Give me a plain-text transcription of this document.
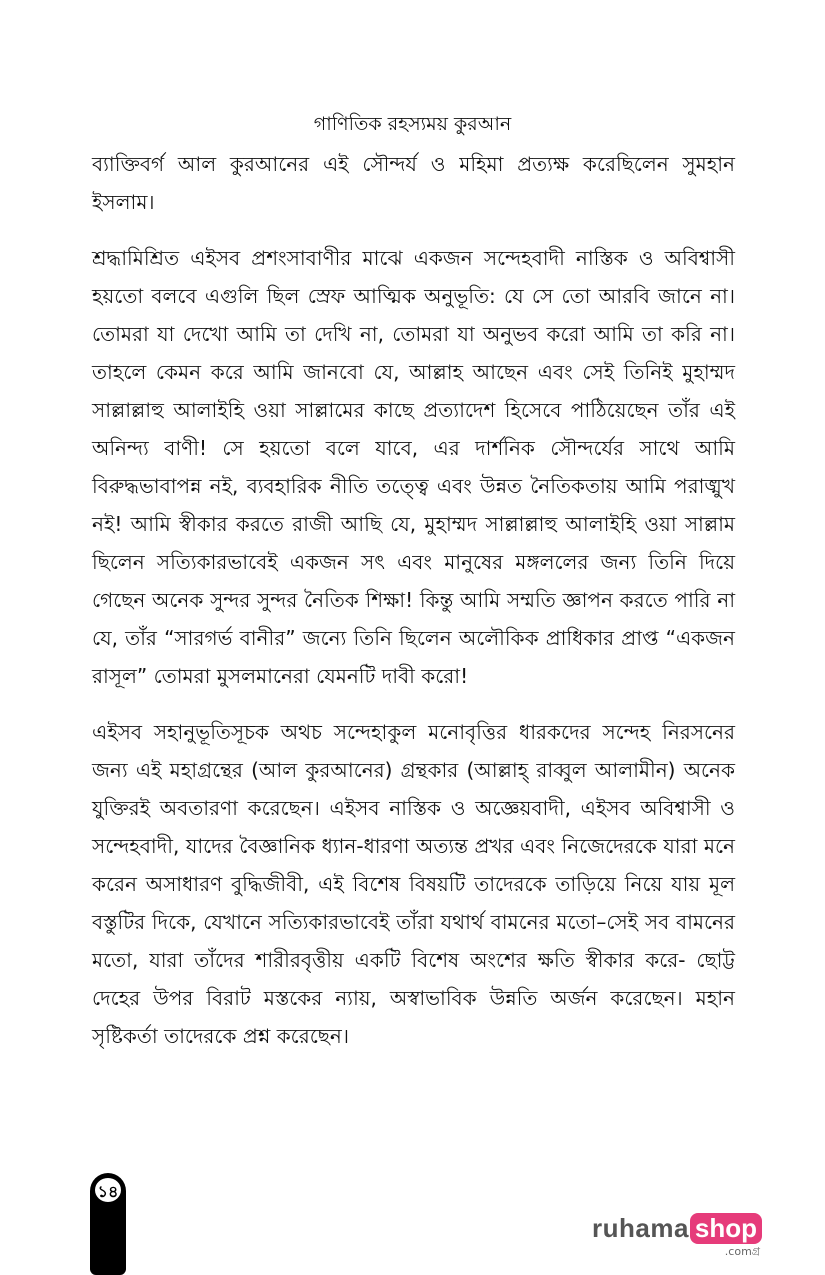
গাণিতিক রহস্যময় কুরআন

ব্যাক্তিবর্গ আল কুরআনের এই সৌন্দর্য ও মহিমা প্রত্যক্ষ করেছিলেন সুমহান ইসলাম।

শ্রদ্ধামিশ্রিত এইসব প্রশংসাবাণীর মাঝে একজন সন্দেহবাদী নাস্তিক ও অবিশ্বাসী হয়তো বলবে এগুলি ছিল স্রেফ আত্মিক অনুভূতি: যে সে তো আরবি জানে না। তোমরা যা দেখো আমি তা দেখি না, তোমরা যা অনুভব করো আমি তা করি না। তাহলে কেমন করে আমি জানবো যে, আল্লাহ আছেন এবং সেই তিনিই মুহাম্মদ সাল্লাল্লাহু আলাইহি ওয়া সাল্লামের কাছে প্রত্যাদেশ হিসেবে পাঠিয়েছেন তাঁর এই অনিন্দ্য বাণী! সে হয়তো বলে যাবে, এর দার্শনিক সৌন্দর্যের সাথে আমি বিরুদ্ধভাবাপন্ন নই, ব্যবহারিক নীতি তত্ত্বে এবং উন্নত নৈতিকতায় আমি পরাঙ্মুখ নই! আমি স্বীকার করতে রাজী আছি যে, মুহাম্মদ সাল্লাল্লাহু আলাইহি ওয়া সাল্লাম ছিলেন সত্যিকারভাবেই একজন সৎ এবং মানুষের মঙ্গললের জন্য তিনি দিয়ে গেছেন অনেক সুন্দর সুন্দর নৈতিক শিক্ষা! কিন্তু আমি সম্মতি জ্ঞাপন করতে পারি না যে, তাঁর “সারগর্ভ বানীর” জন্যে তিনি ছিলেন অলৌকিক প্রাধিকার প্রাপ্ত “একজন রাসূল” তোমরা মুসলমানেরা যেমনটি দাবী করো!

এইসব সহানুভূতিসূচক অথচ সন্দেহাকুল মনোবৃত্তির ধারকদের সন্দেহ নিরসনের জন্য এই মহাগ্রন্থের (আল কুরআনের) গ্রন্থকার (আল্লাহ্ রাব্বুল আলামীন) অনেক যুক্তিরই অবতারণা করেছেন। এইসব নাস্তিক ও অজ্ঞেয়বাদী, এইসব অবিশ্বাসী ও সন্দেহবাদী, যাদের বৈজ্ঞানিক ধ্যান-ধারণা অত্যন্ত প্রখর এবং নিজেদেরকে যারা মনে করেন অসাধারণ বুদ্ধিজীবী, এই বিশেষ বিষয়টি তাদেরকে তাড়িয়ে নিয়ে যায় মূল বস্তুটির দিকে, যেখানে সত্যিকারভাবেই তাঁরা যথার্থ বামনের মতো–সেই সব বামনের মতো, যারা তাঁদের শারীরবৃত্তীয় একটি বিশেষ অংশের ক্ষতি স্বীকার করে- ছোট্ট দেহের উপর বিরাট মস্তকের ন্যায়, অস্বাভাবিক উন্নতি অর্জন করেছেন। মহান সৃষ্টিকর্তা তাদেরকে প্রশ্ন করেছেন।

১৪
ruhama shop
.comগ্র
